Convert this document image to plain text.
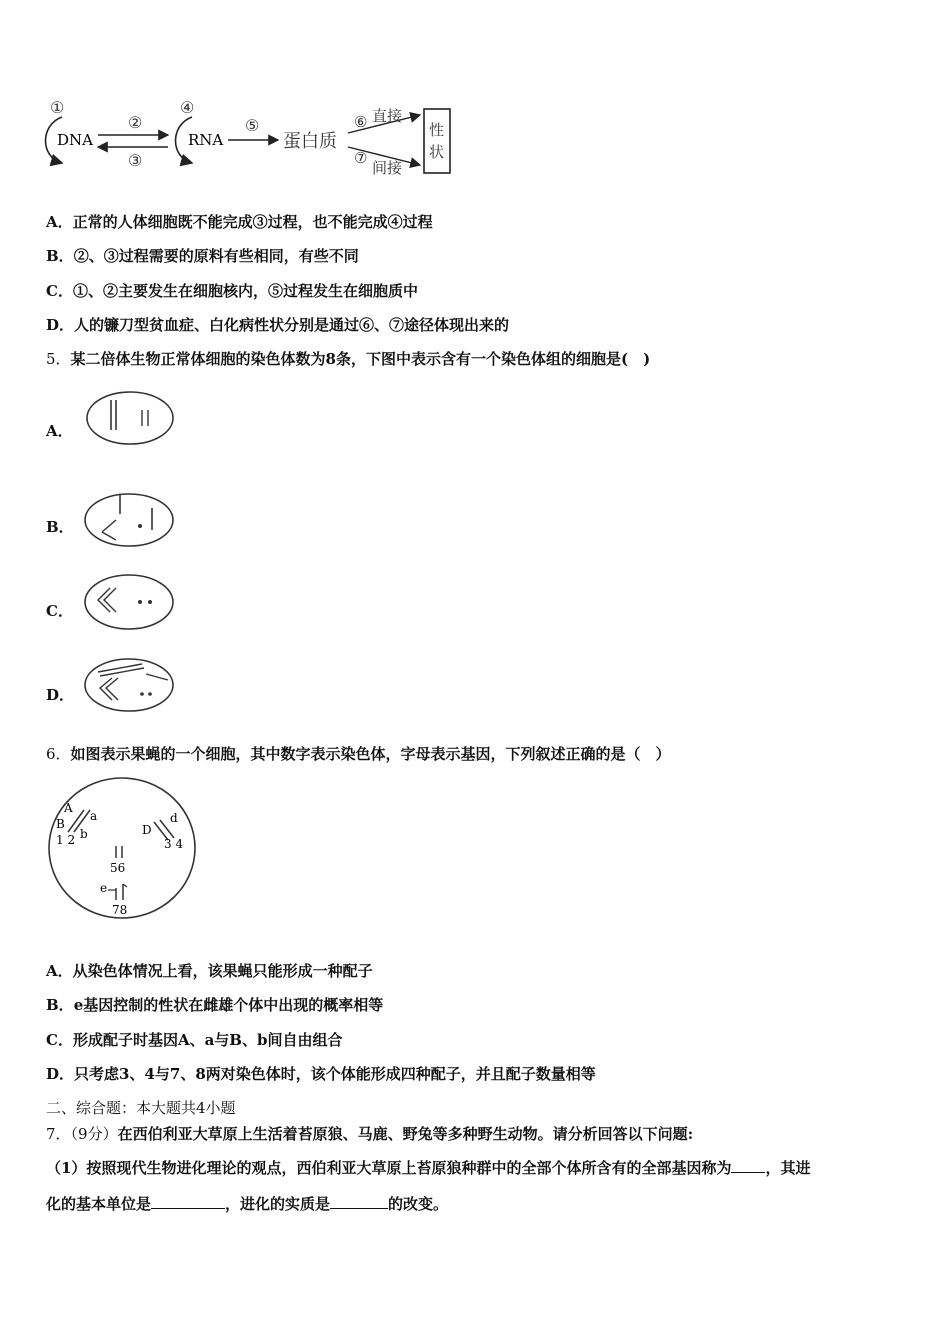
①
DNA
②
③
④
RNA
⑤
蛋白质
⑥ 直接
⑦
间接
性
状
A．正常的人体细胞既不能完成③过程，也不能完成④过程
B．②、③过程需要的原料有些相同，有些不同
C．①、②主要发生在细胞核内，⑤过程发生在细胞质中
D．人的镰刀型贫血症、白化病性状分别是通过⑥、⑦途径体现出来的
5．某二倍体生物正常体细胞的染色体数为8条，下图中表示含有一个染色体组的细胞是(　)
A．
B．
C．
D．
6．如图表示果蝇的一个细胞，其中数字表示染色体，字母表示基因，下列叙述正确的是（　）
A
B
a
b
1 2
D
d
3 4
56
e
78
A．从染色体情况上看，该果蝇只能形成一种配子
B．e基因控制的性状在雌雄个体中出现的概率相等
C．形成配子时基因A、a与B、b间自由组合
D．只考虑3、4与7、8两对染色体时，该个体能形成四种配子，并且配子数量相等
二、综合题：本大题共4小题
7．（9分）在西伯利亚大草原上生活着苔原狼、马鹿、野兔等多种野生动物。请分析回答以下问题:
（1）按照现代生物进化理论的观点，西伯利亚大草原上苔原狼种群中的全部个体所含有的全部基因称为 ，其进
化的基本单位是	，进化的实质是	的改变。
